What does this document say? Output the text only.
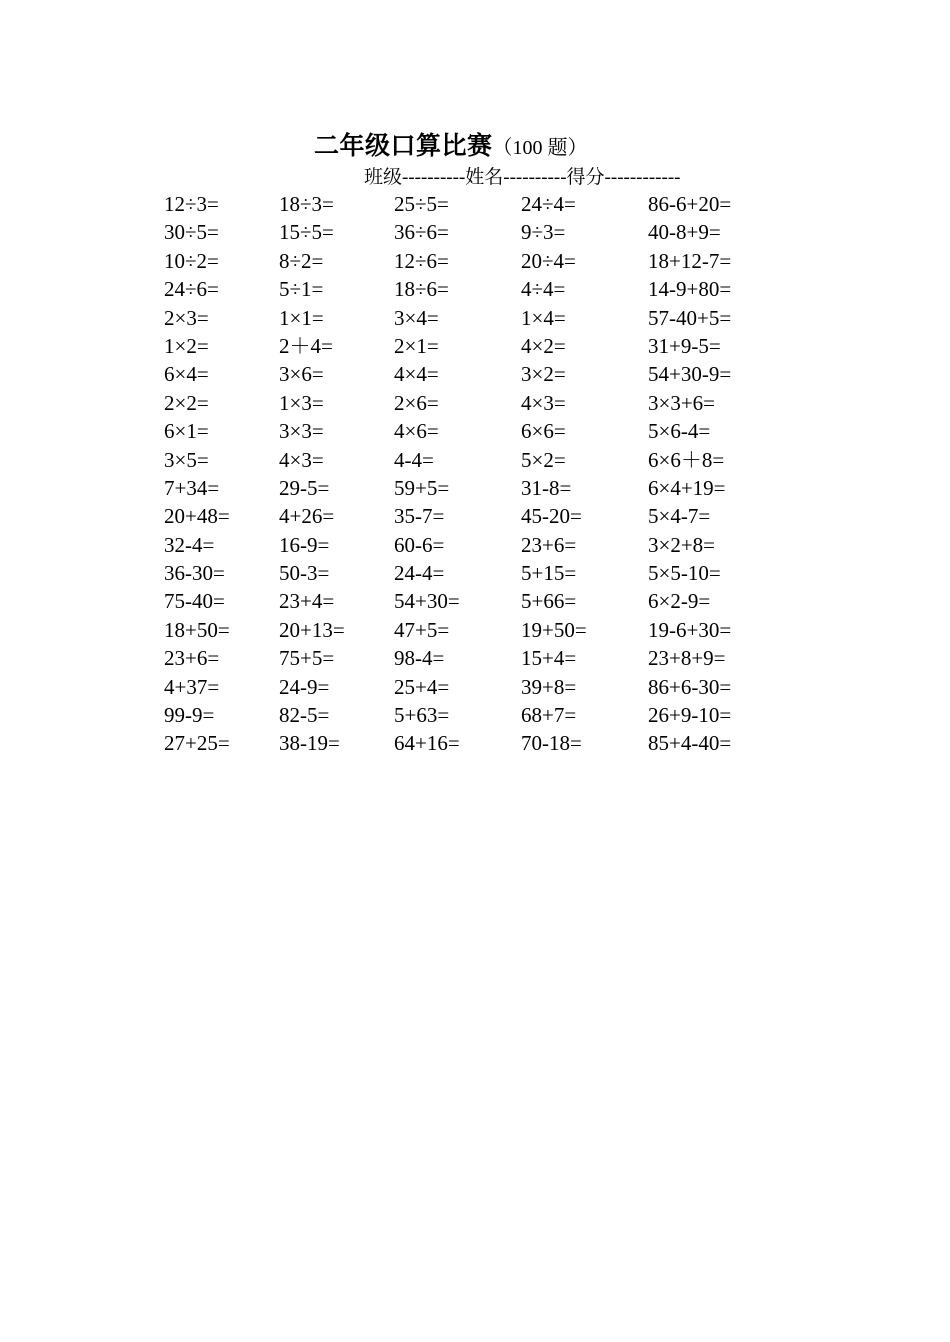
二年级口算比赛（100 题）
班级----------姓名----------得分------------
12÷3=	18÷3=	25÷5=	24÷4=	86-6+20=
30÷5=	15÷5=	36÷6=	9÷3=	40-8+9=
10÷2=	8÷2=	12÷6=	20÷4=	18+12-7=
24÷6=	5÷1=	18÷6=	4÷4=	14-9+80=
2×3=	1×1=	3×4=	1×4=	57-40+5=
1×2=	2＋4=	2×1=	4×2=	31+9-5=
6×4=	3×6=	4×4=	3×2=	54+30-9=
2×2=	1×3=	2×6=	4×3=	3×3+6=
6×1=	3×3=	4×6=	6×6=	5×6-4=
3×5=	4×3=	4-4=	5×2=	6×6＋8=
7+34=	29-5=	59+5=	31-8=	6×4+19=
20+48=	4+26=	35-7=	45-20=	5×4-7=
32-4=	16-9=	60-6=	23+6=	3×2+8=
36-30=	50-3=	24-4=	5+15=	5×5-10=
75-40=	23+4=	54+30=	5+66=	6×2-9=
18+50=	20+13=	47+5=	19+50=	19-6+30=
23+6=	75+5=	98-4=	15+4=	23+8+9=
4+37=	24-9=	25+4=	39+8=	86+6-30=
99-9=	82-5=	5+63=	68+7=	26+9-10=
27+25=	38-19=	64+16=	70-18=	85+4-40=
